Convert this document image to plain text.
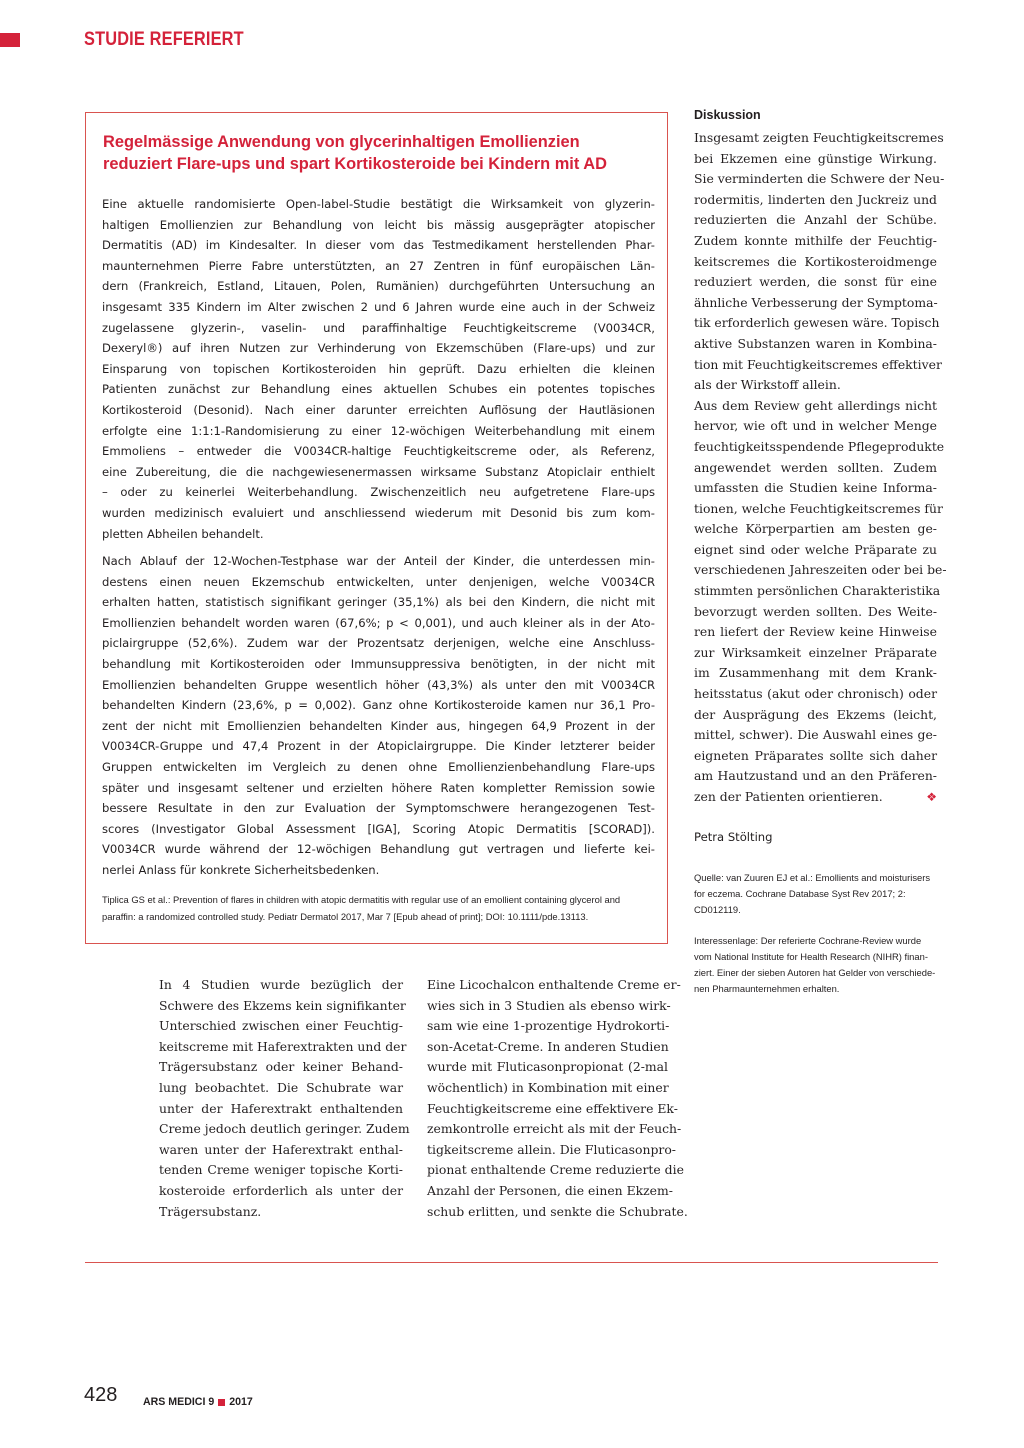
STUDIE REFERIERT
Regelmässige Anwendung von glycerinhaltigen Emollienzien
reduziert Flare-ups und spart Kortikosteroide bei Kindern mit AD
Eine aktuelle randomisierte Open-label-Studie bestätigt die Wirksamkeit von glyzerin-
haltigen Emollienzien zur Behandlung von leicht bis mässig ausgeprägter atopischer
Dermatitis (AD) im Kindesalter. In dieser vom das Testmedikament herstellenden Phar-
maunternehmen Pierre Fabre unterstützten, an 27 Zentren in fünf europäischen Län-
dern (Frankreich, Estland, Litauen, Polen, Rumänien) durchgeführten Untersuchung an
insgesamt 335 Kindern im Alter zwischen 2 und 6 Jahren wurde eine auch in der Schweiz
zugelassene glyzerin-, vaselin- und paraffinhaltige Feuchtigkeitscreme (V0034CR,
Dexeryl®) auf ihren Nutzen zur Verhinderung von Ekzemschüben (Flare-ups) und zur
Einsparung von topischen Kortikosteroiden hin geprüft. Dazu erhielten die kleinen
Patienten zunächst zur Behandlung eines aktuellen Schubes ein potentes topisches
Kortikosteroid (Desonid). Nach einer darunter erreichten Auflösung der Hautläsionen
erfolgte eine 1:1:1-Randomisierung zu einer 12-wöchigen Weiterbehandlung mit einem
Emmoliens – entweder die V0034CR-haltige Feuchtigkeitscreme oder, als Referenz,
eine Zubereitung, die die nachgewiesenermassen wirksame Substanz Atopiclair enthielt
– oder zu keinerlei Weiterbehandlung. Zwischenzeitlich neu aufgetretene Flare-ups
wurden medizinisch evaluiert und anschliessend wiederum mit Desonid bis zum kom-
pletten Abheilen behandelt.
Nach Ablauf der 12-Wochen-Testphase war der Anteil der Kinder, die unterdessen min-
destens einen neuen Ekzemschub entwickelten, unter denjenigen, welche V0034CR
erhalten hatten, statistisch signifikant geringer (35,1%) als bei den Kindern, die nicht mit
Emollienzien behandelt worden waren (67,6%; p < 0,001), und auch kleiner als in der Ato-
piclairgruppe (52,6%). Zudem war der Prozentsatz derjenigen, welche eine Anschluss-
behandlung mit Kortikosteroiden oder Immunsuppressiva benötigten, in der nicht mit
Emollienzien behandelten Gruppe wesentlich höher (43,3%) als unter den mit V0034CR
behandelten Kindern (23,6%, p = 0,002). Ganz ohne Kortikosteroide kamen nur 36,1 Pro-
zent der nicht mit Emollienzien behandelten Kinder aus, hingegen 64,9 Prozent in der
V0034CR-Gruppe und 47,4 Prozent in der Atopiclairgruppe. Die Kinder letzterer beider
Gruppen entwickelten im Vergleich zu denen ohne Emollienzienbehandlung Flare-ups
später und insgesamt seltener und erzielten höhere Raten kompletter Remission sowie
bessere Resultate in den zur Evaluation der Symptomschwere herangezogenen Test-
scores (Investigator Global Assessment [IGA], Scoring Atopic Dermatitis [SCORAD]).
V0034CR wurde während der 12-wöchigen Behandlung gut vertragen und lieferte kei-
nerlei Anlass für konkrete Sicherheitsbedenken.
Tiplica GS et al.: Prevention of flares in children with atopic dermatitis with regular use of an emollient containing glycerol and
paraffin: a randomized controlled study. Pediatr Dermatol 2017, Mar 7 [Epub ahead of print]; DOI: 10.1111/pde.13113.
In 4 Studien wurde bezüglich der
Schwere des Ekzems kein signifikanter
Unterschied zwischen einer Feuchtig-
keitscreme mit Haferextrakten und der
Trägersubstanz oder keiner Behand-
lung beobachtet. Die Schubrate war
unter der Haferextrakt enthaltenden
Creme jedoch deutlich geringer. Zudem
waren unter der Haferextrakt enthal-
tenden Creme weniger topische Korti-
kosteroide erforderlich als unter der
Trägersubstanz.
Eine Licochalcon enthaltende Creme er-
wies sich in 3 Studien als ebenso wirk-
sam wie eine 1-prozentige Hydrokorti-
son-Acetat-Creme. In anderen Studien
wurde mit Fluticasonpropionat (2-mal
wöchentlich) in Kombination mit einer
Feuchtigkeitscreme eine effektivere Ek-
zemkontrolle erreicht als mit der Feuch-
tigkeitscreme allein. Die Fluticasonpro-
pionat enthaltende Creme reduzierte die
Anzahl der Personen, die einen Ekzem-
schub erlitten, und senkte die Schubrate.
Diskussion
Insgesamt zeigten Feuchtigkeitscremes
bei Ekzemen eine günstige Wirkung.
Sie verminderten die Schwere der Neu-
rodermitis, linderten den Juckreiz und
reduzierten die Anzahl der Schübe.
Zudem konnte mithilfe der Feuchtig-
keitscremes die Kortikosteroidmenge
reduziert werden, die sonst für eine
ähnliche Verbesserung der Symptoma-
tik erforderlich gewesen wäre. Topisch
aktive Substanzen waren in Kombina-
tion mit Feuchtigkeitscremes effektiver
als der Wirkstoff allein.
Aus dem Review geht allerdings nicht
hervor, wie oft und in welcher Menge
feuchtigkeitsspendende Pflegeprodukte
angewendet werden sollten. Zudem
umfassten die Studien keine Informa-
tionen, welche Feuchtigkeitscremes für
welche Körperpartien am besten ge-
eignet sind oder welche Präparate zu
verschiedenen Jahreszeiten oder bei be-
stimmten persönlichen Charakteristika
bevorzugt werden sollten. Des Weite-
ren liefert der Review keine Hinweise
zur Wirksamkeit einzelner Präparate
im Zusammenhang mit dem Krank-
heitsstatus (akut oder chronisch) oder
der Ausprägung des Ekzems (leicht,
mittel, schwer). Die Auswahl eines ge-
eigneten Präparates sollte sich daher
am Hautzustand und an den Präferen-
zen der Patienten orientieren.	❖
Petra Stölting
Quelle: van Zuuren EJ et al.: Emollients and moisturisers
for eczema. Cochrane Database Syst Rev 2017; 2:
CD012119.
Interessenlage: Der referierte Cochrane-Review wurde
vom National Institute for Health Research (NIHR) finan-
ziert. Einer der sieben Autoren hat Gelder von verschiede-
nen Pharmaunternehmen erhalten.
428 ARS MEDICI 9 2017
